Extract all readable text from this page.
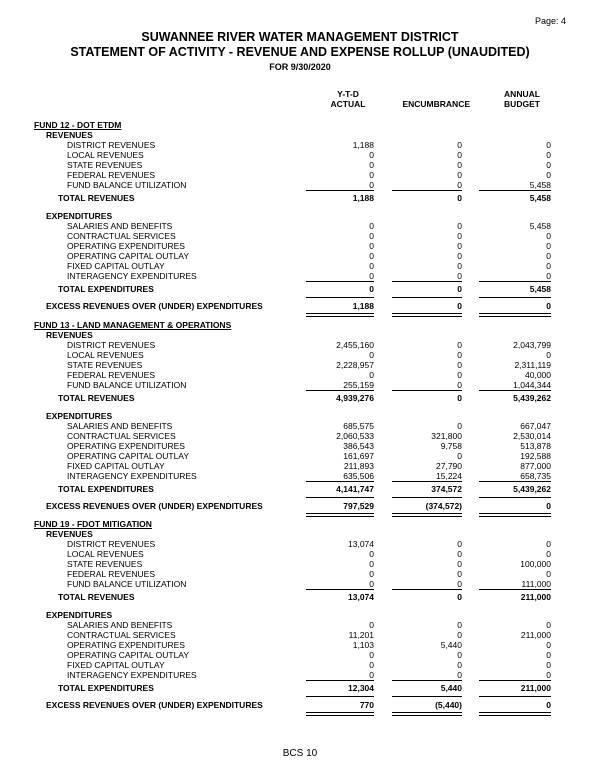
Page: 4
SUWANNEE RIVER WATER MANAGEMENT DISTRICT
STATEMENT OF ACTIVITY - REVENUE AND EXPENSE ROLLUP (UNAUDITED)
FOR 9/30/2020
Y-T-D
ACTUAL	ENCUMBRANCE
ANNUAL
BUDGET
FUND 12 - DOT ETDM
REVENUES
DISTRICT REVENUES	1,188	0	0
LOCAL REVENUES	0	0	0
STATE REVENUES	0	0	0
FEDERAL REVENUES	0	0	0
FUND BALANCE UTILIZATION	0	0	5,458
TOTAL REVENUES	1,188	0	5,458
EXPENDITURES
SALARIES AND BENEFITS	0	0	5,458
CONTRACTUAL SERVICES	0	0	0
OPERATING EXPENDITURES	0	0	0
OPERATING CAPITAL OUTLAY	0	0	0
FIXED CAPITAL OUTLAY	0	0	0
INTERAGENCY EXPENDITURES	0	0	0
TOTAL EXPENDITURES	0	0	5,458
EXCESS REVENUES OVER (UNDER) EXPENDITURES	1,188	0	0
FUND 13 - LAND MANAGEMENT & OPERATIONS
REVENUES
DISTRICT REVENUES	2,455,160	0	2,043,799
LOCAL REVENUES	0	0	0
STATE REVENUES	2,228,957	0	2,311,119
FEDERAL REVENUES	0	0	40,000
FUND BALANCE UTILIZATION	255,159	0	1,044,344
TOTAL REVENUES	4,939,276	0	5,439,262
EXPENDITURES
SALARIES AND BENEFITS	685,575	0	667,047
CONTRACTUAL SERVICES	2,060,533	321,800	2,530,014
OPERATING EXPENDITURES	386,543	9,758	513,878
OPERATING CAPITAL OUTLAY	161,697	0	192,588
FIXED CAPITAL OUTLAY	211,893	27,790	877,000
INTERAGENCY EXPENDITURES	635,506	15,224	658,735
TOTAL EXPENDITURES	4,141,747	374,572	5,439,262
EXCESS REVENUES OVER (UNDER) EXPENDITURES	797,529	(374,572)	0
FUND 19 - FDOT MITIGATION
REVENUES
DISTRICT REVENUES	13,074	0	0
LOCAL REVENUES	0	0	0
STATE REVENUES	0	0	100,000
FEDERAL REVENUES	0	0	0
FUND BALANCE UTILIZATION	0	0	111,000
TOTAL REVENUES	13,074	0	211,000
EXPENDITURES
SALARIES AND BENEFITS	0	0	0
CONTRACTUAL SERVICES	11,201	0	211,000
OPERATING EXPENDITURES	1,103	5,440	0
OPERATING CAPITAL OUTLAY	0	0	0
FIXED CAPITAL OUTLAY	0	0	0
INTERAGENCY EXPENDITURES	0	0	0
TOTAL EXPENDITURES	12,304	5,440	211,000
EXCESS REVENUES OVER (UNDER) EXPENDITURES	770	(5,440)	0
BCS 10
